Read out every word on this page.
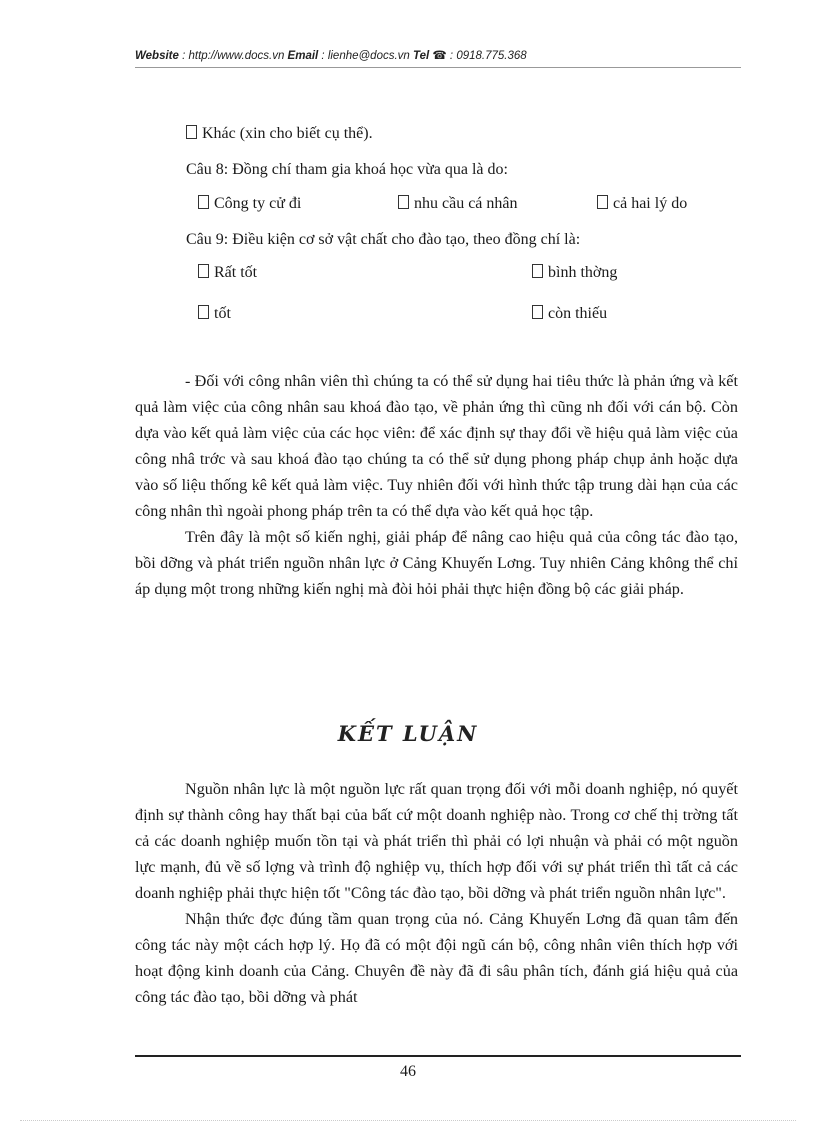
Website : http://www.docs.vn Email : lienhe@docs.vn Tel ☎ : 0918.775.368
Khác (xin cho biết cụ thể).
Câu 8: Đồng chí tham gia khoá học vừa qua là do:
Công ty cử đi	nhu cầu cá nhân	cả hai lý do
Câu 9: Điều kiện cơ sở vật chất cho đào tạo, theo đồng chí là:
Rất tốt	bình thờng
tốt	còn thiếu

- Đối với công nhân viên thì chúng ta có thể sử dụng hai tiêu thức là phản ứng và kết quả làm việc của công nhân sau khoá đào tạo, về phản ứng thì cũng nh đối với cán bộ. Còn dựa vào kết quả làm việc của các học viên: để xác định sự thay đổi về hiệu quả làm việc của công nhâ trớc và sau khoá đào tạo chúng ta có thể sử dụng phong pháp chụp ảnh hoặc dựa vào số liệu thống kê kết quả làm việc. Tuy nhiên đối với hình thức tập trung dài hạn của các công nhân thì ngoài phong pháp trên ta có thể dựa vào kết quả học tập.

Trên đây là một số kiến nghị, giải pháp để nâng cao hiệu quả của công tác đào tạo, bồi dỡng và phát triển nguồn nhân lực ở Cảng Khuyến Lơng. Tuy nhiên Cảng không thể chỉ áp dụng một trong những kiến nghị mà đòi hỏi phải thực hiện đồng bộ các giải pháp.

KẾT LUẬN

Nguồn nhân lực là một nguồn lực rất quan trọng đối với mỗi doanh nghiệp, nó quyết định sự thành công hay thất bại của bất cứ một doanh nghiệp nào. Trong cơ chế thị trờng tất cả các doanh nghiệp muốn tồn tại và phát triển thì phải có lợi nhuận và phải có một nguồn lực mạnh, đủ về số lợng và trình độ nghiệp vụ, thích hợp đối với sự phát triển thì tất cả các doanh nghiệp phải thực hiện tốt "Công tác đào tạo, bồi dỡng và phát triển nguồn nhân lực".

Nhận thức đợc đúng tầm quan trọng của nó. Cảng Khuyến Lơng đã quan tâm đến công tác này một cách hợp lý. Họ đã có một đội ngũ cán bộ, công nhân viên thích hợp với hoạt động kinh doanh của Cảng. Chuyên đề này đã đi sâu phân tích, đánh giá hiệu quả của công tác đào tạo, bồi dỡng và phát

46
